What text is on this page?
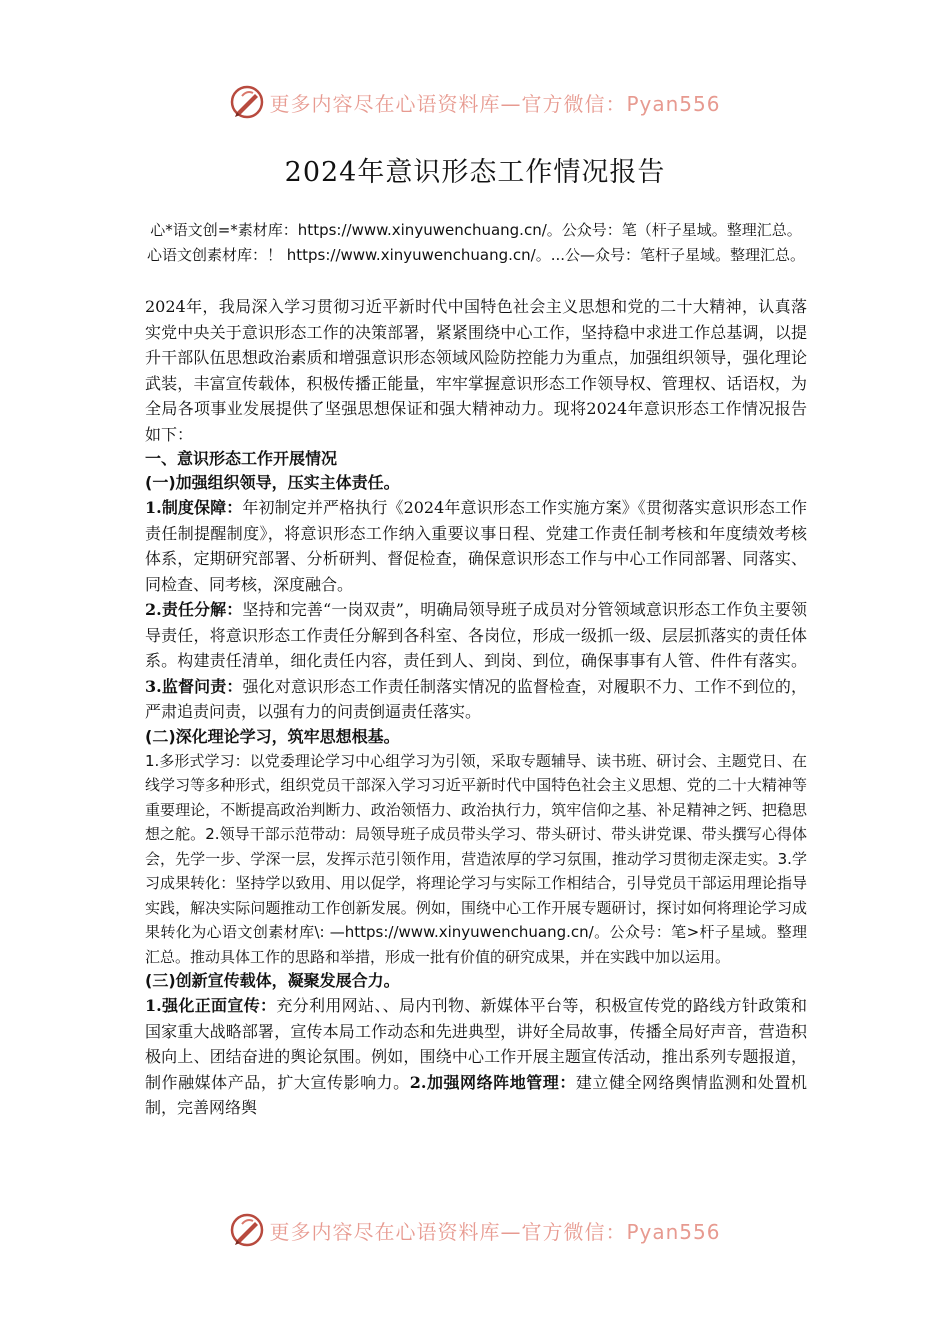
更多内容尽在心语资料库—官方微信：Pyan556
2024年意识形态工作情况报告
心*语文创=*素材库：https://www.xinyuwenchuang.cn/。公众号：笔（杆子星域。整理汇总。心语文创素材库：！ https://www.xinyuwenchuang.cn/。...公—众号：笔杆子星域。整理汇总。

2024年，我局深入学习贯彻习近平新时代中国特色社会主义思想和党的二十大精神，认真落实党中央关于意识形态工作的决策部署，紧紧围绕中心工作，坚持稳中求进工作总基调，以提升干部队伍思想政治素质和增强意识形态领域风险防控能力为重点，加强组织领导，强化理论武装，丰富宣传载体，积极传播正能量，牢牢掌握意识形态工作领导权、管理权、话语权，为全局各项事业发展提供了坚强思想保证和强大精神动力。现将2024年意识形态工作情况报告如下：

一、意识形态工作开展情况

(一)加强组织领导，压实主体责任。

1.制度保障：年初制定并严格执行《2024年意识形态工作实施方案》《贯彻落实意识形态工作责任制提醒制度》，将意识形态工作纳入重要议事日程、党建工作责任制考核和年度绩效考核体系，定期研究部署、分析研判、督促检查，确保意识形态工作与中心工作同部署、同落实、同检查、同考核，深度融合。

2.责任分解：坚持和完善“一岗双责”，明确局领导班子成员对分管领域意识形态工作负主要领导责任，将意识形态工作责任分解到各科室、各岗位，形成一级抓一级、层层抓落实的责任体系。构建责任清单，细化责任内容，责任到人、到岗、到位，确保事事有人管、件件有落实。3.监督问责：强化对意识形态工作责任制落实情况的监督检查，对履职不力、工作不到位的，严肃追责问责，以强有力的问责倒逼责任落实。

(二)深化理论学习，筑牢思想根基。

1.多形式学习：以党委理论学习中心组学习为引领，采取专题辅导、读书班、研讨会、主题党日、在线学习等多种形式，组织党员干部深入学习习近平新时代中国特色社会主义思想、党的二十大精神等重要理论，不断提高政治判断力、政治领悟力、政治执行力，筑牢信仰之基、补足精神之钙、把稳思想之舵。2.领导干部示范带动：局领导班子成员带头学习、带头研讨、带头讲党课、带头撰写心得体会，先学一步、学深一层，发挥示范引领作用，营造浓厚的学习氛围，推动学习贯彻走深走实。3.学习成果转化：坚持学以致用、用以促学，将理论学习与实际工作相结合，引导党员干部运用理论指导实践，解决实际问题推动工作创新发展。例如，围绕中心工作开展专题研讨，探讨如何将理论学习成果转化为心语文创素材库\: —https://www.xinyuwenchuang.cn/。公众号：笔>杆子星域。整理汇总。推动具体工作的思路和举措，形成一批有价值的研究成果，并在实践中加以运用。

(三)创新宣传载体，凝聚发展合力。

1.强化正面宣传：充分利用网站、、局内刊物、新媒体平台等，积极宣传党的路线方针政策和国家重大战略部署，宣传本局工作动态和先进典型，讲好全局故事，传播全局好声音，营造积极向上、团结奋进的舆论氛围。例如，围绕中心工作开展主题宣传活动，推出系列专题报道，制作融媒体产品，扩大宣传影响力。2.加强网络阵地管理：建立健全网络舆情监测和处置机制，完善网络舆

更多内容尽在心语资料库—官方微信：Pyan556
